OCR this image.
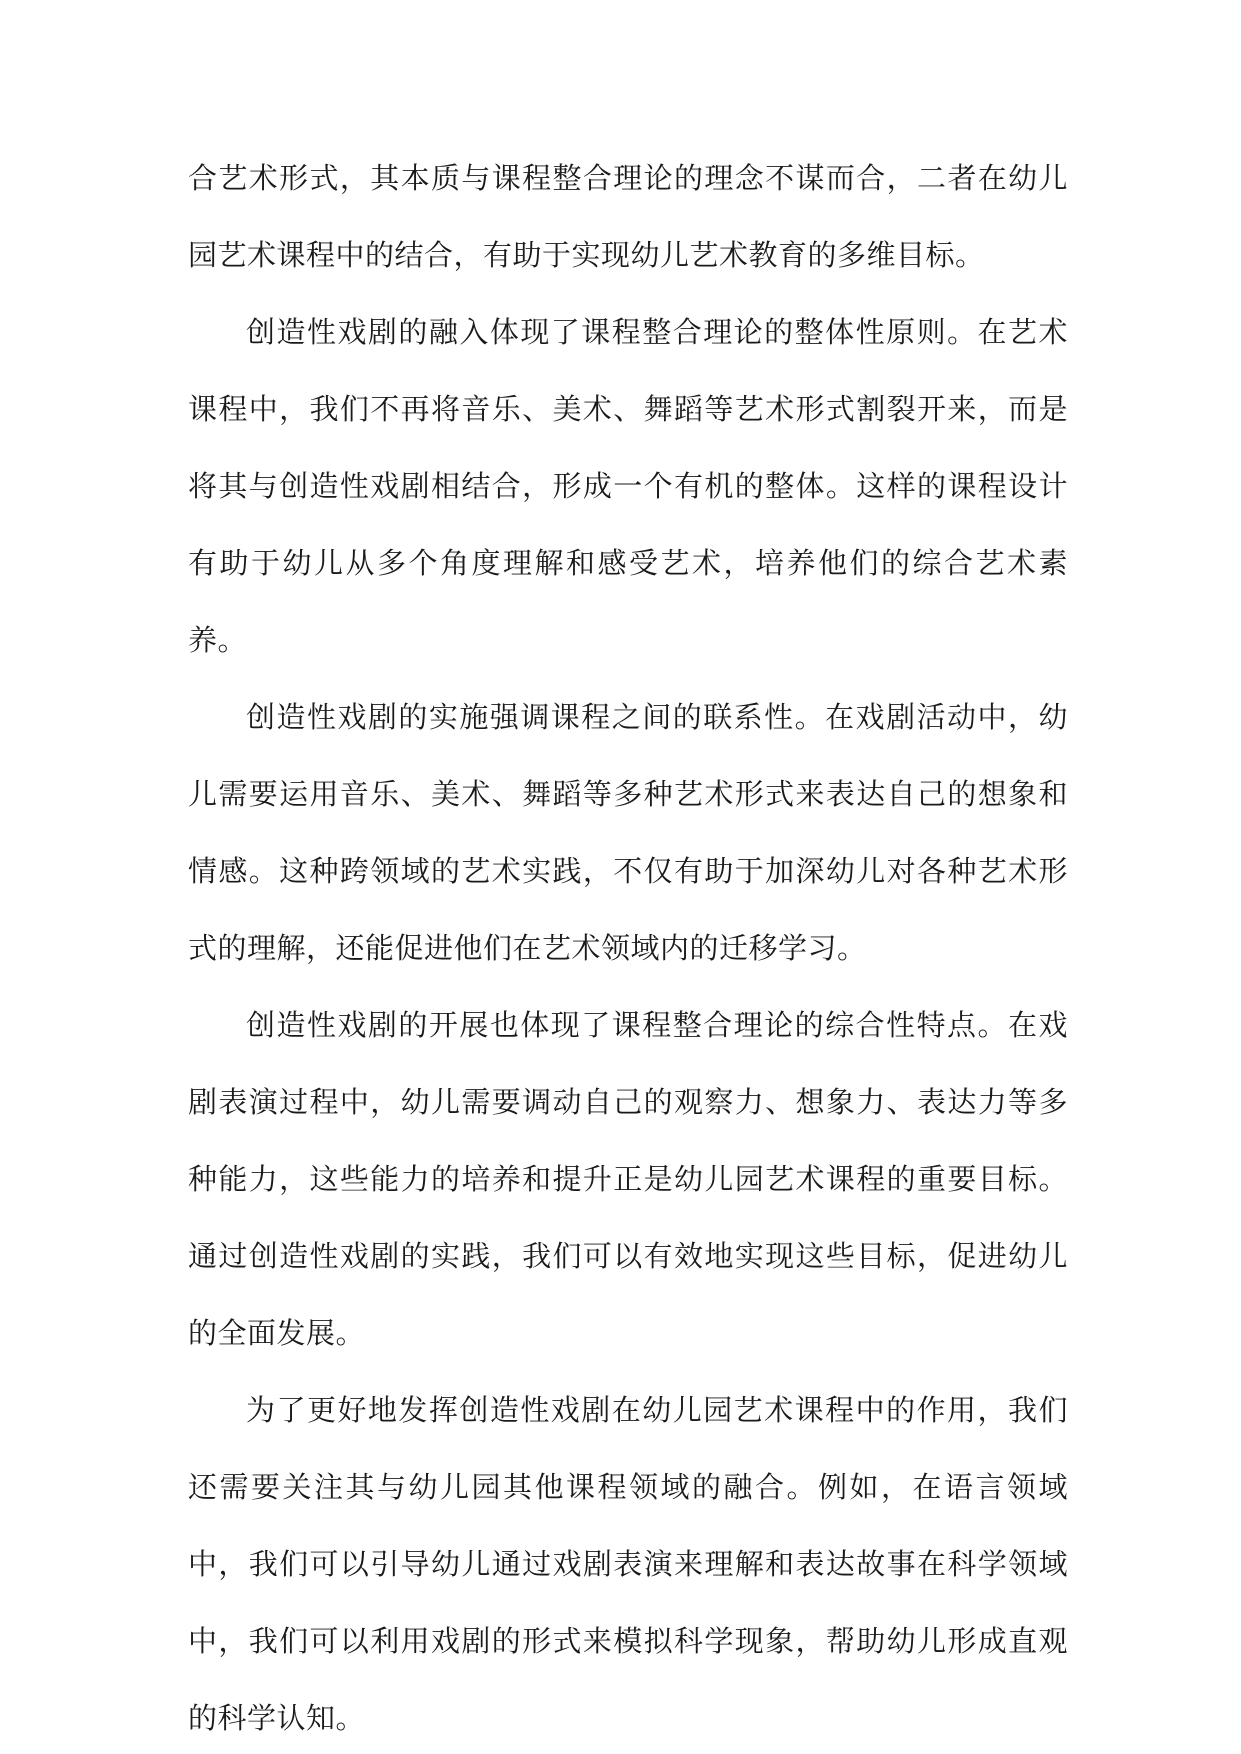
合艺术形式，其本质与课程整合理论的理念不谋而合，二者在幼儿园艺术课程中的结合，有助于实现幼儿艺术教育的多维目标。

创造性戏剧的融入体现了课程整合理论的整体性原则。在艺术课程中，我们不再将音乐、美术、舞蹈等艺术形式割裂开来，而是将其与创造性戏剧相结合，形成一个有机的整体。这样的课程设计有助于幼儿从多个角度理解和感受艺术，培养他们的综合艺术素养。

创造性戏剧的实施强调课程之间的联系性。在戏剧活动中，幼儿需要运用音乐、美术、舞蹈等多种艺术形式来表达自己的想象和情感。这种跨领域的艺术实践，不仅有助于加深幼儿对各种艺术形式的理解，还能促进他们在艺术领域内的迁移学习。

创造性戏剧的开展也体现了课程整合理论的综合性特点。在戏剧表演过程中，幼儿需要调动自己的观察力、想象力、表达力等多种能力，这些能力的培养和提升正是幼儿园艺术课程的重要目标。通过创造性戏剧的实践，我们可以有效地实现这些目标，促进幼儿的全面发展。

为了更好地发挥创造性戏剧在幼儿园艺术课程中的作用，我们还需要关注其与幼儿园其他课程领域的融合。例如，在语言领域中，我们可以引导幼儿通过戏剧表演来理解和表达故事在科学领域中，我们可以利用戏剧的形式来模拟科学现象，帮助幼儿形成直观的科学认知。
